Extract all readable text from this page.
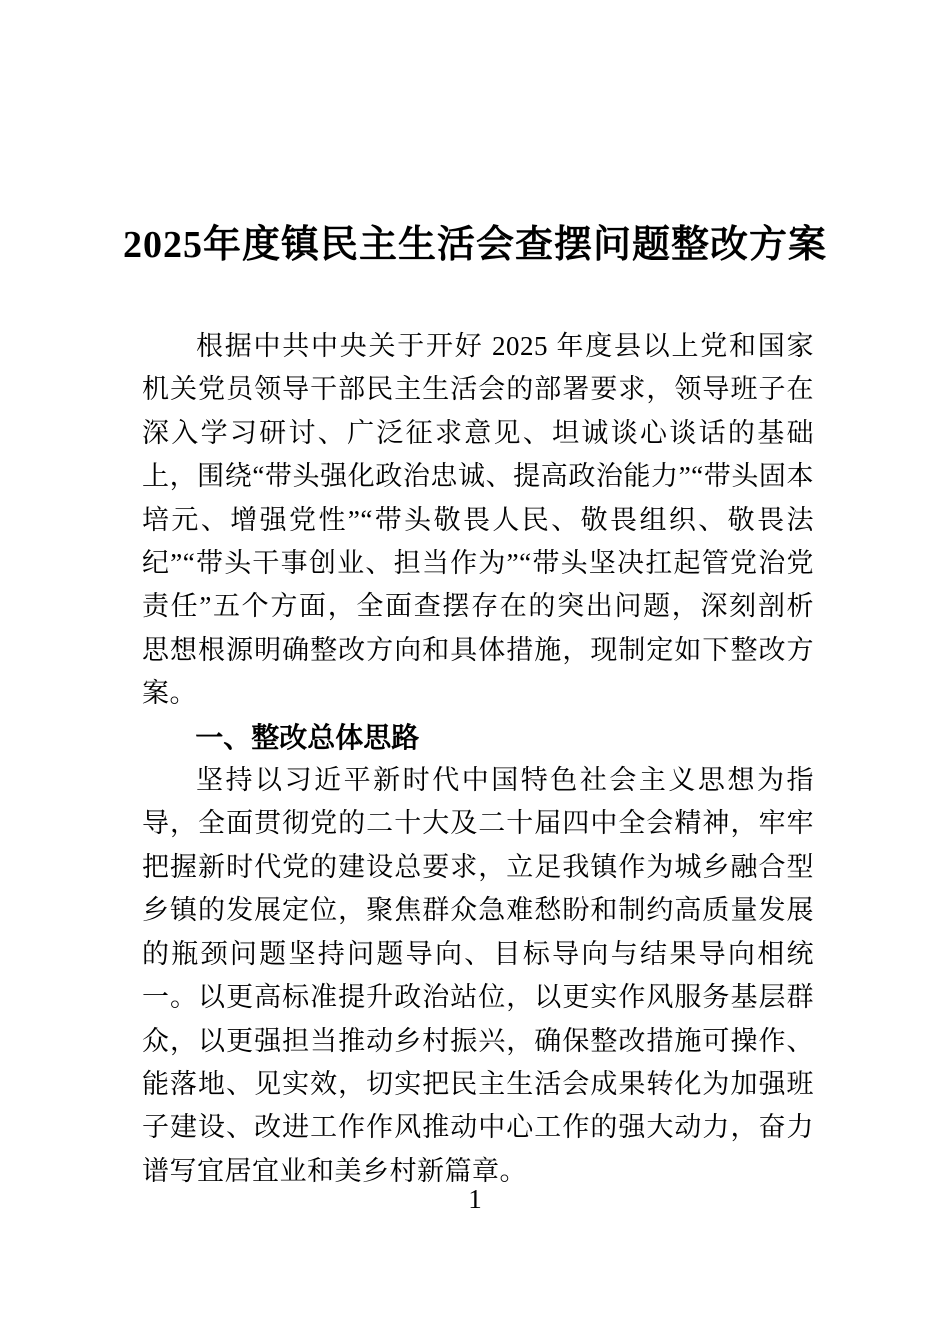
2025年度镇民主生活会查摆问题整改方案

根据中共中央关于开好 2025 年度县以上党和国家机关党员领导干部民主生活会的部署要求，领导班子在深入学习研讨、广泛征求意见、坦诚谈心谈话的基础上，围绕“带头强化政治忠诚、提高政治能力”“带头固本培元、增强党性”“带头敬畏人民、敬畏组织、敬畏法纪”“带头干事创业、担当作为”“带头坚决扛起管党治党责任”五个方面，全面查摆存在的突出问题，深刻剖析思想根源明确整改方向和具体措施，现制定如下整改方案。

一、整改总体思路

坚持以习近平新时代中国特色社会主义思想为指导，全面贯彻党的二十大及二十届四中全会精神，牢牢把握新时代党的建设总要求，立足我镇作为城乡融合型乡镇的发展定位，聚焦群众急难愁盼和制约高质量发展的瓶颈问题坚持问题导向、目标导向与结果导向相统一。以更高标准提升政治站位，以更实作风服务基层群众，以更强担当推动乡村振兴，确保整改措施可操作、能落地、见实效，切实把民主生活会成果转化为加强班子建设、改进工作作风推动中心工作的强大动力，奋力谱写宜居宜业和美乡村新篇章。

1
